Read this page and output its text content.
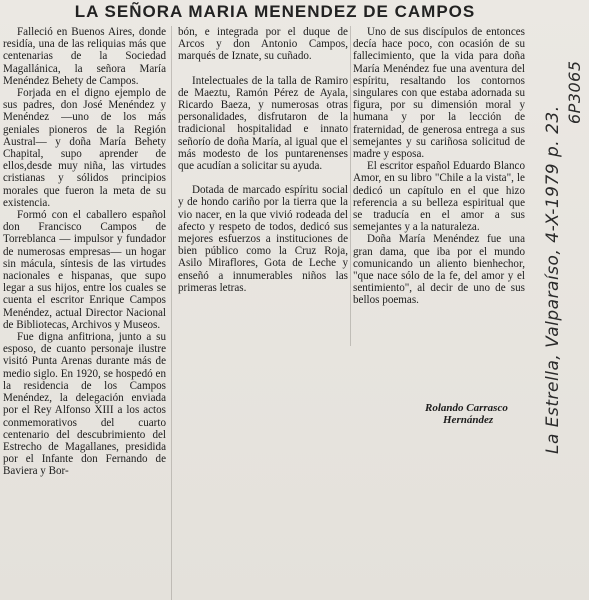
LA SEÑORA MARIA MENENDEZ DE CAMPOS

Falleció en Buenos Aires, donde residía, una de las reliquias más que centenarias de la Sociedad Magallánica, la señora María Menéndez Behety de Campos.

Forjada en el digno ejemplo de sus padres, don José Menéndez y Menéndez —uno de los más geniales pioneros de la Región Austral— y doña María Behety Chapital, supo aprender de ellos,desde muy niña, las virtudes cristianas y sólidos principios morales que fueron la meta de su existencia.

Formó con el caballero español don Francisco Campos de Torreblanca — impulsor y fundador de numerosas empresas— un hogar sin mácula, síntesis de las virtudes nacionales e hispanas, que supo legar a sus hijos, entre los cuales se cuenta el escritor Enrique Campos Menéndez, actual Director Nacional de Bibliotecas, Archivos y Museos.

Fue digna anfitriona, junto a su esposo, de cuanto personaje ilustre visitó Punta Arenas durante más de medio siglo. En 1920, se hospedó en la residencia de los Campos Menéndez, la delegación enviada por el Rey Alfonso XIII a los actos conmemorativos del cuarto centenario del descubrimiento del Estrecho de Magallanes, presidida por el Infante don Fernando de Baviera y Bor-

bón, e integrada por el duque de Arcos y don Antonio Campos, marqués de Iznate, su cuñado.

Intelectuales de la talla de Ramiro de Maeztu, Ramón Pérez de Ayala, Ricardo Baeza, y numerosas otras personalidades, disfrutaron de la tradicional hospitalidad e innato señorío de doña María, al igual que el más modesto de los puntarenenses que acudían a solicitar su ayuda.

Dotada de marcado espíritu social y de hondo cariño por la tierra que la vio nacer, en la que vivió rodeada del afecto y respeto de todos, dedicó sus mejores esfuerzos a instituciones de bien público como la Cruz Roja, Asilo Miraflores, Gota de Leche y enseñó a innumerables niños las primeras letras.

Uno de sus discípulos de entonces decía hace poco, con ocasión de su fallecimiento, que la vida para doña María Menéndez fue una aventura del espíritu, resaltando los contornos singulares con que estaba adornada su figura, por su dimensión moral y humana y por la lección de fraternidad, de generosa entrega a sus semejantes y su cariñosa solicitud de madre y esposa.

El escritor español Eduardo Blanco Amor, en su libro "Chile a la vista", le dedicó un capítulo en el que hizo referencia a su belleza espiritual que se traducía en el amor a sus semejantes y a la naturaleza.

Doña María Menéndez fue una gran dama, que iba por el mundo comunicando un aliento bienhechor, "que nace sólo de la fe, del amor y el sentimiento", al decir de uno de sus bellos poemas.

Rolando Carrasco
Hernández	La Estrella, Valparaíso, 4-X-1979 p. 23.
6P3065
